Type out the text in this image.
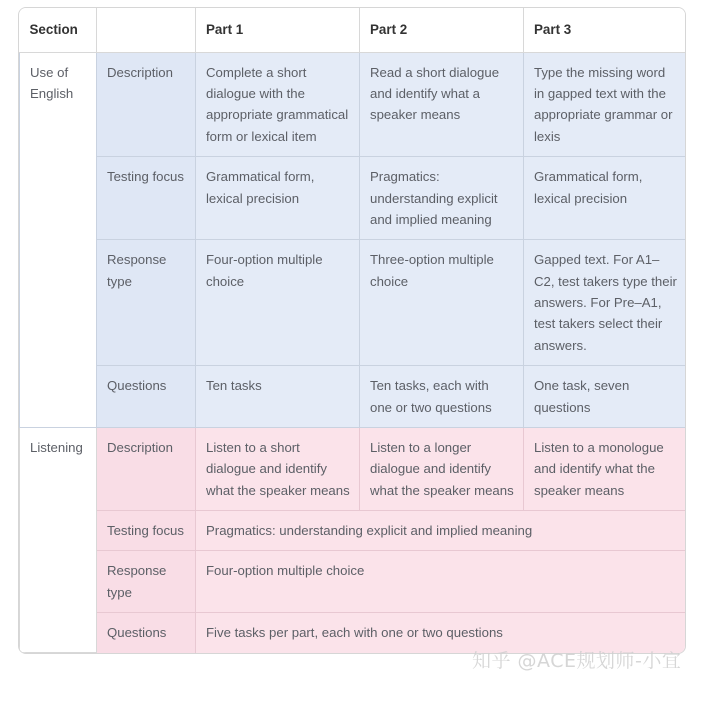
Section		Part 1	Part 2	Part 3
Use of English	Description	Complete a short dialogue with the appropriate grammatical form or lexical item	Read a short dialogue and identify what a speaker means	Type the missing word in gapped text with the appropriate grammar or lexis
	Testing focus	Grammatical form, lexical precision	Pragmatics: understanding explicit and implied meaning	Grammatical form, lexical precision
	Response type	Four-option multiple choice	Three-option multiple choice	Gapped text. For A1–C2, test takers type their answers. For Pre–A1, test takers select their answers.
	Questions	Ten tasks	Ten tasks, each with one or two questions	One task, seven questions
Listening	Description	Listen to a short dialogue and identify what the speaker means	Listen to a longer dialogue and identify what the speaker means	Listen to a monologue and identify what the speaker means
	Testing focus	Pragmatics: understanding explicit and implied meaning		
	Response type	Four-option multiple choice		
	Questions	Five tasks per part, each with one or two questions		
知乎 @ACE规划师-小宜
